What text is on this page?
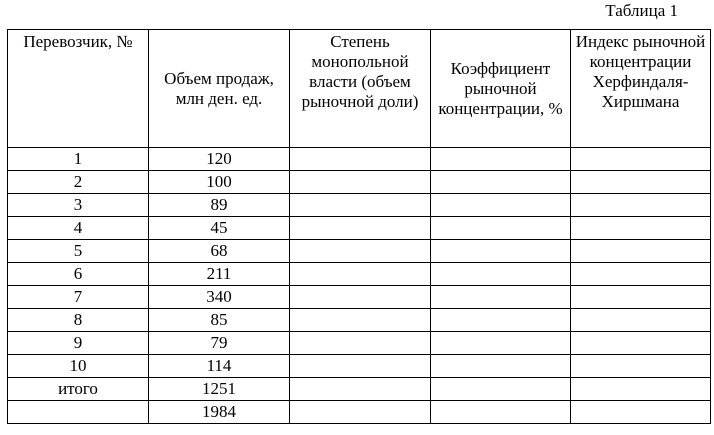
Таблица 1
Перевозчик, №	Объем продаж, млн ден. ед.	Степень монопольной власти (объем рыночной доли)	Коэффициент рыночной концентрации, %	Индекс рыночной концентрации Херфиндаля-Хиршмана

1	120			
2	100			
3	89			
4	45			
5	68			
6	211			
7	340			
8	85			
9	79			
10	114			
итого	1251			
	1984			
